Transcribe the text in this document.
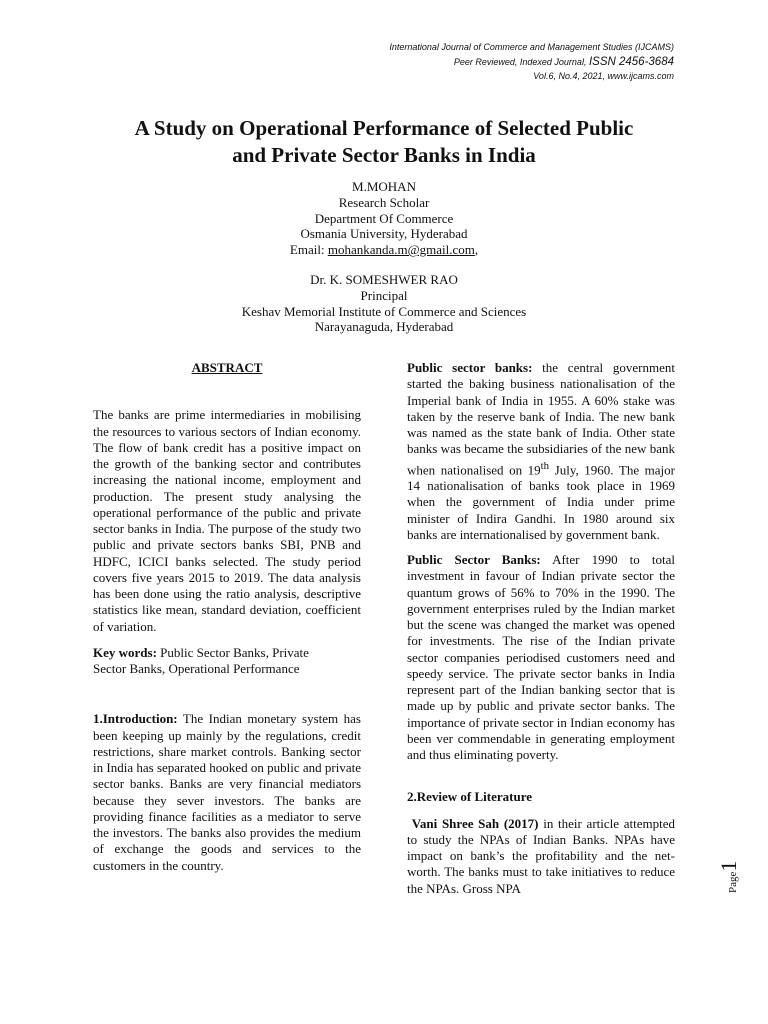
International Journal of Commerce and Management Studies (IJCAMS)
Peer Reviewed, Indexed Journal, ISSN 2456-3684
Vol.6, No.4, 2021, www.ijcams.com
A Study on Operational Performance of Selected Public
and Private Sector Banks in India
M.MOHAN
Research Scholar
Department Of Commerce
Osmania University, Hyderabad
Email: mohankanda.m@gmail.com,
Dr. K. SOMESHWER RAO
Principal
Keshav Memorial Institute of Commerce and Sciences
Narayanaguda, Hyderabad

ABSTRACT

The banks are prime intermediaries in mobilising the resources to various sectors of Indian economy. The flow of bank credit has a positive impact on the growth of the banking sector and contributes increasing the national income, employment and production. The present study analysing the operational performance of the public and private sector banks in India. The purpose of the study two public and private sectors banks SBI, PNB and HDFC, ICICI banks selected. The study period covers five years 2015 to 2019. The data analysis has been done using the ratio analysis, descriptive statistics like mean, standard deviation, coefficient of variation.

Key words: Public Sector Banks, Private
Sector Banks, Operational Performance

1.Introduction: The Indian monetary system has been keeping up mainly by the regulations, credit restrictions, share market controls. Banking sector in India has separated hooked on public and private sector banks. Banks are very financial mediators because they sever investors. The banks are providing finance facilities as a mediator to serve the investors. The banks also provides the medium of exchange the goods and services to the customers in the country.

Public sector banks: the central government started the baking business nationalisation of the Imperial bank of India in 1955. A 60% stake was taken by the reserve bank of India. The new bank was named as the state bank of India. Other state banks was became the subsidiaries of the new bank when nationalised on 19th July, 1960. The major 14 nationalisation of banks took place in 1969 when the government of India under prime minister of Indira Gandhi. In 1980 around six banks are internationalised by government bank.

Public Sector Banks: After 1990 to total investment in favour of Indian private sector the quantum grows of 56% to 70% in the 1990. The government enterprises ruled by the Indian market but the scene was changed the market was opened for investments. The rise of the Indian private sector companies periodised customers need and speedy service. The private sector banks in India represent part of the Indian banking sector that is made up by public and private sector banks. The importance of private sector in Indian economy has been ver commendable in generating employment and thus eliminating poverty.

2.Review of Literature

Vani Shree Sah (2017) in their article attempted to study the NPAs of Indian Banks. NPAs have impact on bank’s the profitability and the net-worth. The banks must to take initiatives to reduce the NPAs. Gross NPA	Page1
